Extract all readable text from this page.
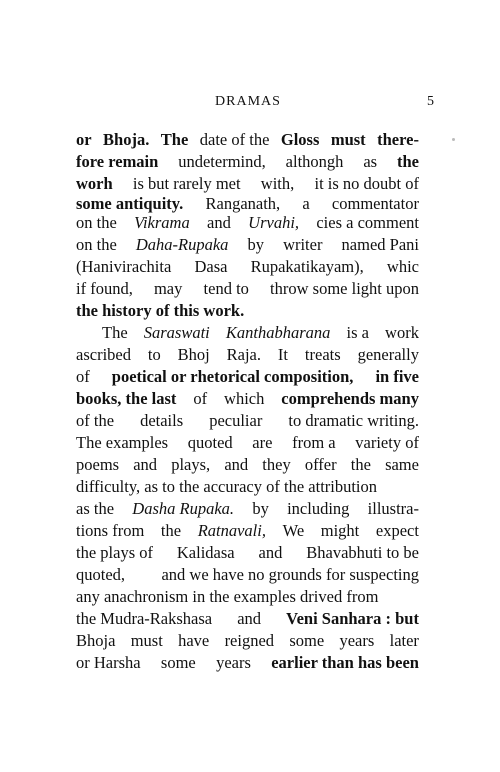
DRAMAS	5
or Bhoja. The date of the Gloss must there-
fore remain undetermind, althongh as the
worh is but rarely met with, it is no doubt of
some antiquity. Ranganath, a commentator
on the Vikrama and Urvahi, cies a comment
on the Daha-Rupaka by writer named Pani
(Hanivirachita Dasa Rupakatikayam), whic
if found, may tend to throw some light upon
the history of this work.
The Saraswati Kanthabharana is a work
ascribed to Bhoj Raja. It treats generally
of poetical or rhetorical composition, in five
books, the last of which comprehends many
of the details peculiar to dramatic writing.
The examples quoted are from a variety of
poems and plays, and they offer the same
difficulty, as to the accuracy of the attribution
as the Dasha Rupaka. by including illustra-
tions from the Ratnavali, We might expect
the plays of Kalidasa and Bhavabhuti to be
quoted, and we have no grounds for suspecting
any anachronism in the examples drived from
the Mudra-Rakshasa and Veni Sanhara : but
Bhoja must have reigned some years later
or Harsha some years earlier than has been
